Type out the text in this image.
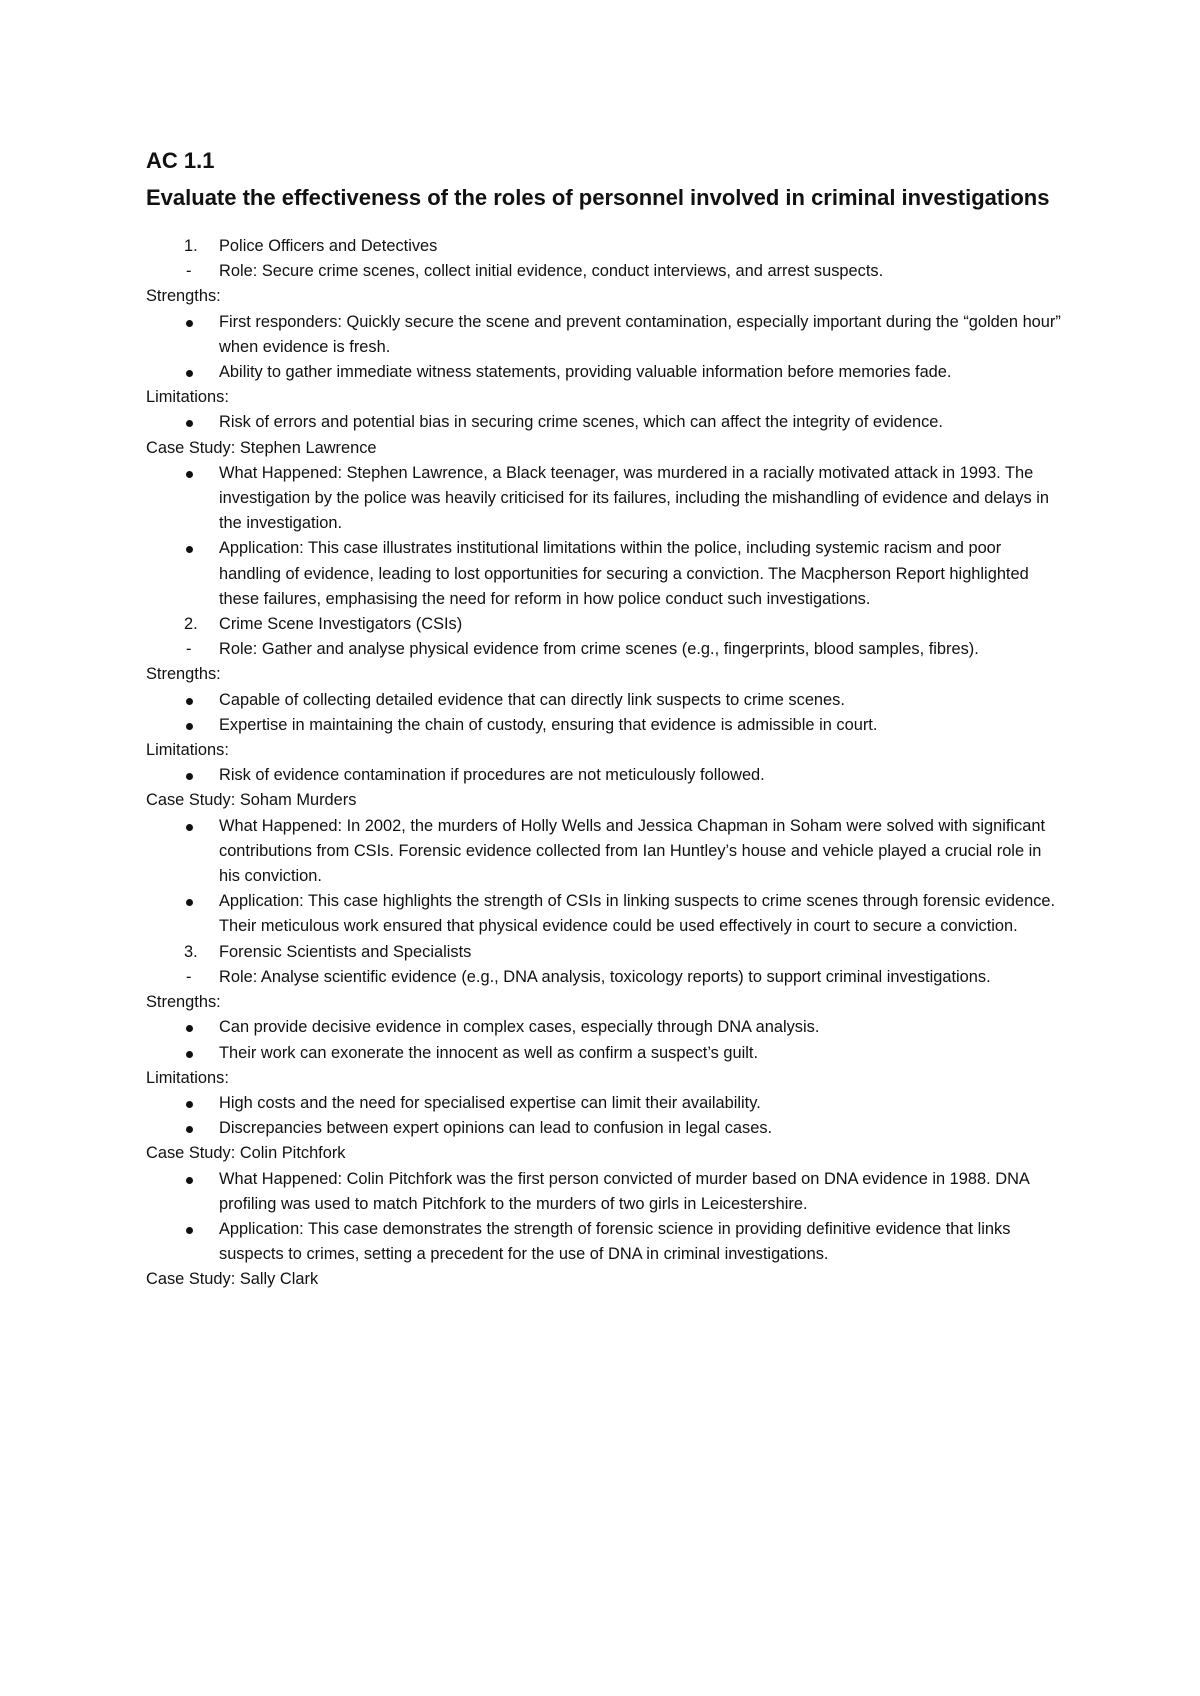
AC 1.1

Evaluate the effectiveness of the roles of personnel involved in criminal investigations

1. Police Officers and Detectives
- Role: Secure crime scenes, collect initial evidence, conduct interviews, and arrest suspects.
Strengths:
First responders: Quickly secure the scene and prevent contamination, especially important during the “golden hour” when evidence is fresh.
Ability to gather immediate witness statements, providing valuable information before memories fade.
Limitations:
Risk of errors and potential bias in securing crime scenes, which can affect the integrity of evidence.
Case Study: Stephen Lawrence
What Happened: Stephen Lawrence, a Black teenager, was murdered in a racially motivated attack in 1993. The investigation by the police was heavily criticised for its failures, including the mishandling of evidence and delays in the investigation.
Application: This case illustrates institutional limitations within the police, including systemic racism and poor handling of evidence, leading to lost opportunities for securing a conviction. The Macpherson Report highlighted these failures, emphasising the need for reform in how police conduct such investigations.
2. Crime Scene Investigators (CSIs)
- Role: Gather and analyse physical evidence from crime scenes (e.g., fingerprints, blood samples, fibres).
Strengths:
Capable of collecting detailed evidence that can directly link suspects to crime scenes.
Expertise in maintaining the chain of custody, ensuring that evidence is admissible in court.
Limitations:
Risk of evidence contamination if procedures are not meticulously followed.
Case Study: Soham Murders
What Happened: In 2002, the murders of Holly Wells and Jessica Chapman in Soham were solved with significant contributions from CSIs. Forensic evidence collected from Ian Huntley’s house and vehicle played a crucial role in his conviction.
Application: This case highlights the strength of CSIs in linking suspects to crime scenes through forensic evidence. Their meticulous work ensured that physical evidence could be used effectively in court to secure a conviction.
3. Forensic Scientists and Specialists
- Role: Analyse scientific evidence (e.g., DNA analysis, toxicology reports) to support criminal investigations.
Strengths:
Can provide decisive evidence in complex cases, especially through DNA analysis.
Their work can exonerate the innocent as well as confirm a suspect’s guilt.
Limitations:
High costs and the need for specialised expertise can limit their availability.
Discrepancies between expert opinions can lead to confusion in legal cases.
Case Study: Colin Pitchfork
What Happened: Colin Pitchfork was the first person convicted of murder based on DNA evidence in 1988. DNA profiling was used to match Pitchfork to the murders of two girls in Leicestershire.
Application: This case demonstrates the strength of forensic science in providing definitive evidence that links suspects to crimes, setting a precedent for the use of DNA in criminal investigations.
Case Study: Sally Clark
